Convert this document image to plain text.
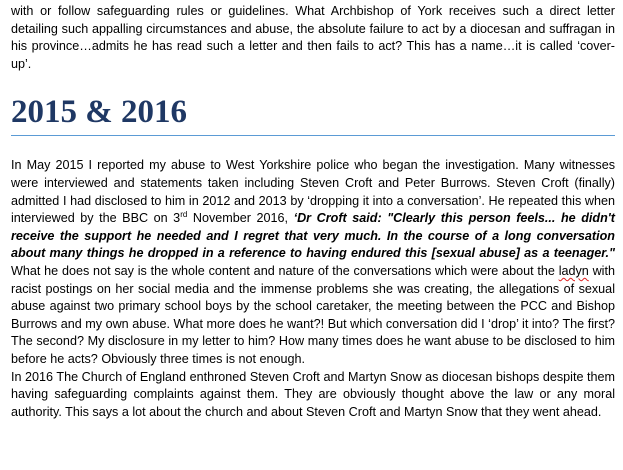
with or follow safeguarding rules or guidelines. What Archbishop of York receives such a direct letter detailing such appalling circumstances and abuse, the absolute failure to act by a diocesan and suffragan in his province…admits he has read such a letter and then fails to act? This has a name…it is called ‘cover-up’.

2015 & 2016

In May 2015 I reported my abuse to West Yorkshire police who began the investigation. Many witnesses were interviewed and statements taken including Steven Croft and Peter Burrows. Steven Croft (finally) admitted I had disclosed to him in 2012 and 2013 by ‘dropping it into a conversation’. He repeated this when interviewed by the BBC on 3rd November 2016, ‘Dr Croft said: "Clearly this person feels... he didn't receive the support he needed and I regret that very much. In the course of a long conversation about many things he dropped in a reference to having endured this [sexual abuse] as a teenager." What he does not say is the whole content and nature of the conversations which were about the ladyn with racist postings on her social media and the immense problems she was creating, the allegations of sexual abuse against two primary school boys by the school caretaker, the meeting between the PCC and Bishop Burrows and my own abuse. What more does he want?! But which conversation did I ‘drop’ it into? The first? The second? My disclosure in my letter to him? How many times does he want abuse to be disclosed to him before he acts? Obviously three times is not enough.

In 2016 The Church of England enthroned Steven Croft and Martyn Snow as diocesan bishops despite them having safeguarding complaints against them. They are obviously thought above the law or any moral authority. This says a lot about the church and about Steven Croft and Martyn Snow that they went ahead.
